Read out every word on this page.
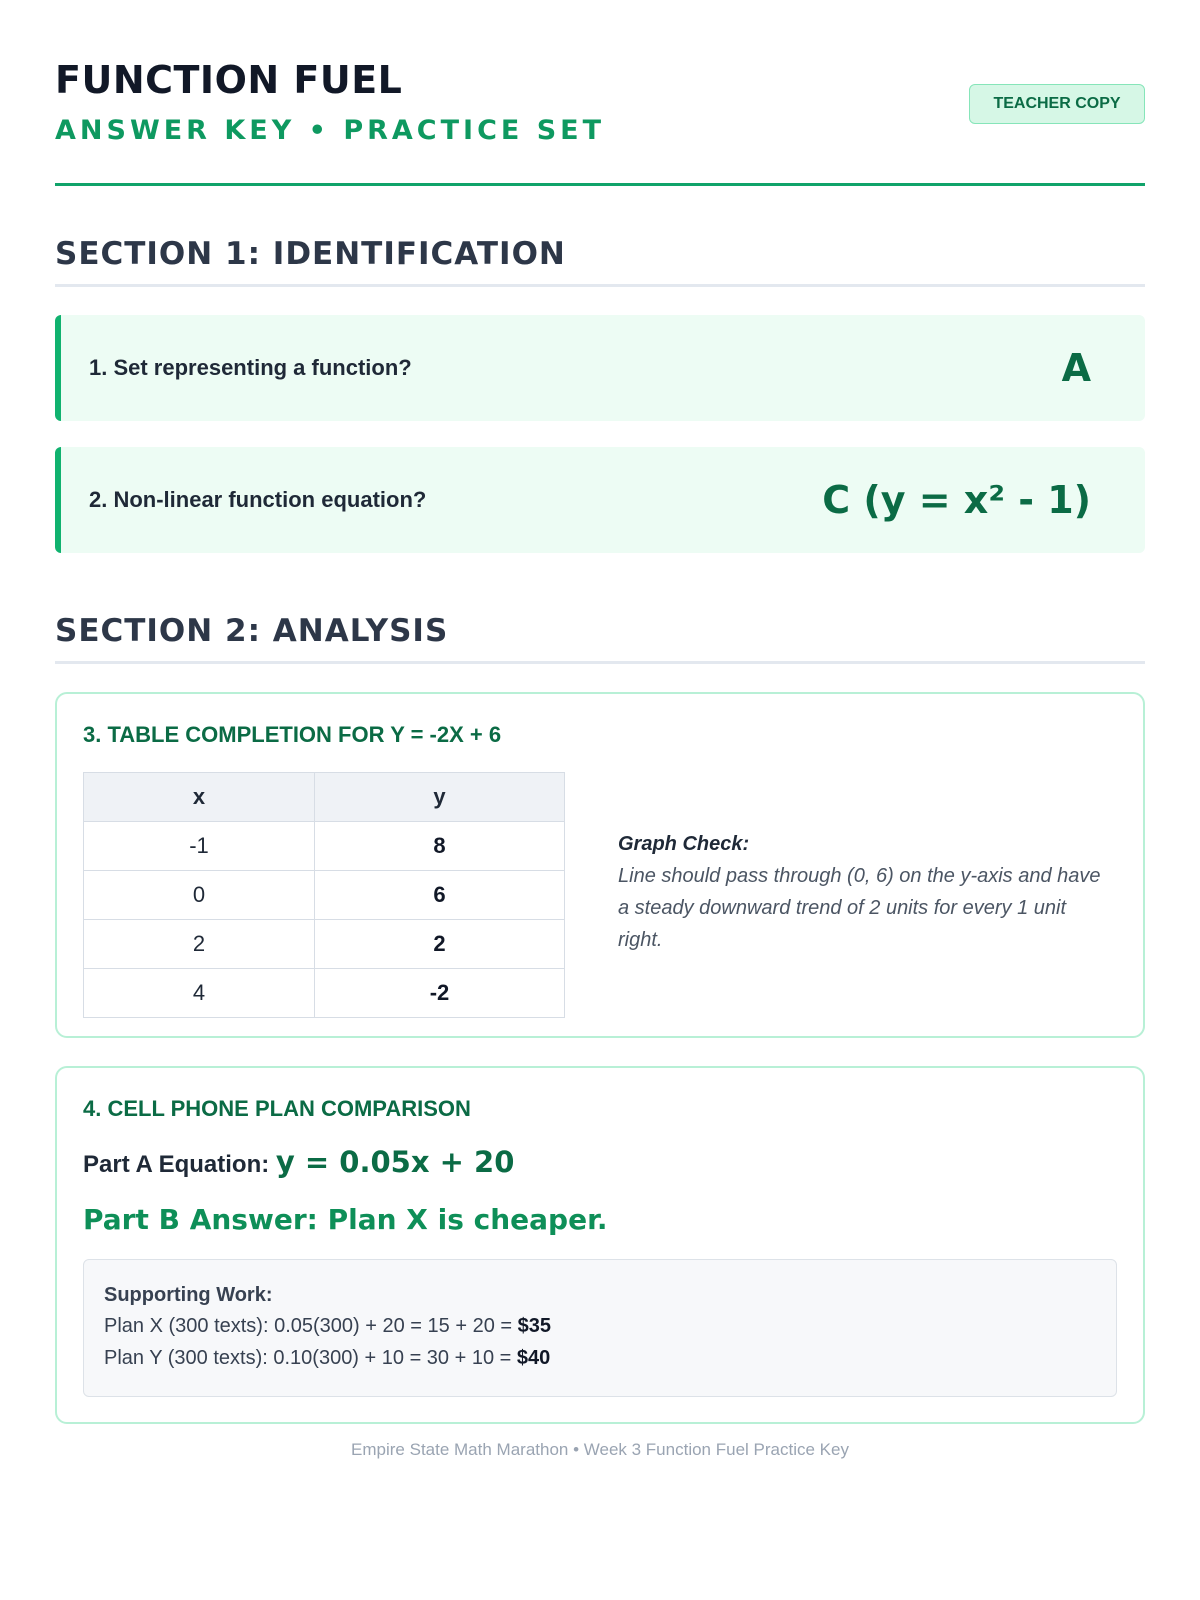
FUNCTION FUEL
ANSWER KEY • PRACTICE SET
TEACHER COPY
SECTION 1: IDENTIFICATION
1. Set representing a function?	A
2. Non-linear function equation?	C (y = x² - 1)
SECTION 2: ANALYSIS
3. TABLE COMPLETION FOR Y = -2X + 6
x	y
-1	8
0	6
2	2
4	-2
Graph Check:
Line should pass through (0, 6) on the y-axis and have a steady downward trend of 2 units for every 1 unit right.
4. CELL PHONE PLAN COMPARISON
Part A Equation: y = 0.05x + 20
Part B Answer: Plan X is cheaper.
Supporting Work:
Plan X (300 texts): 0.05(300) + 20 = 15 + 20 = $35
Plan Y (300 texts): 0.10(300) + 10 = 30 + 10 = $40
Empire State Math Marathon • Week 3 Function Fuel Practice Key
